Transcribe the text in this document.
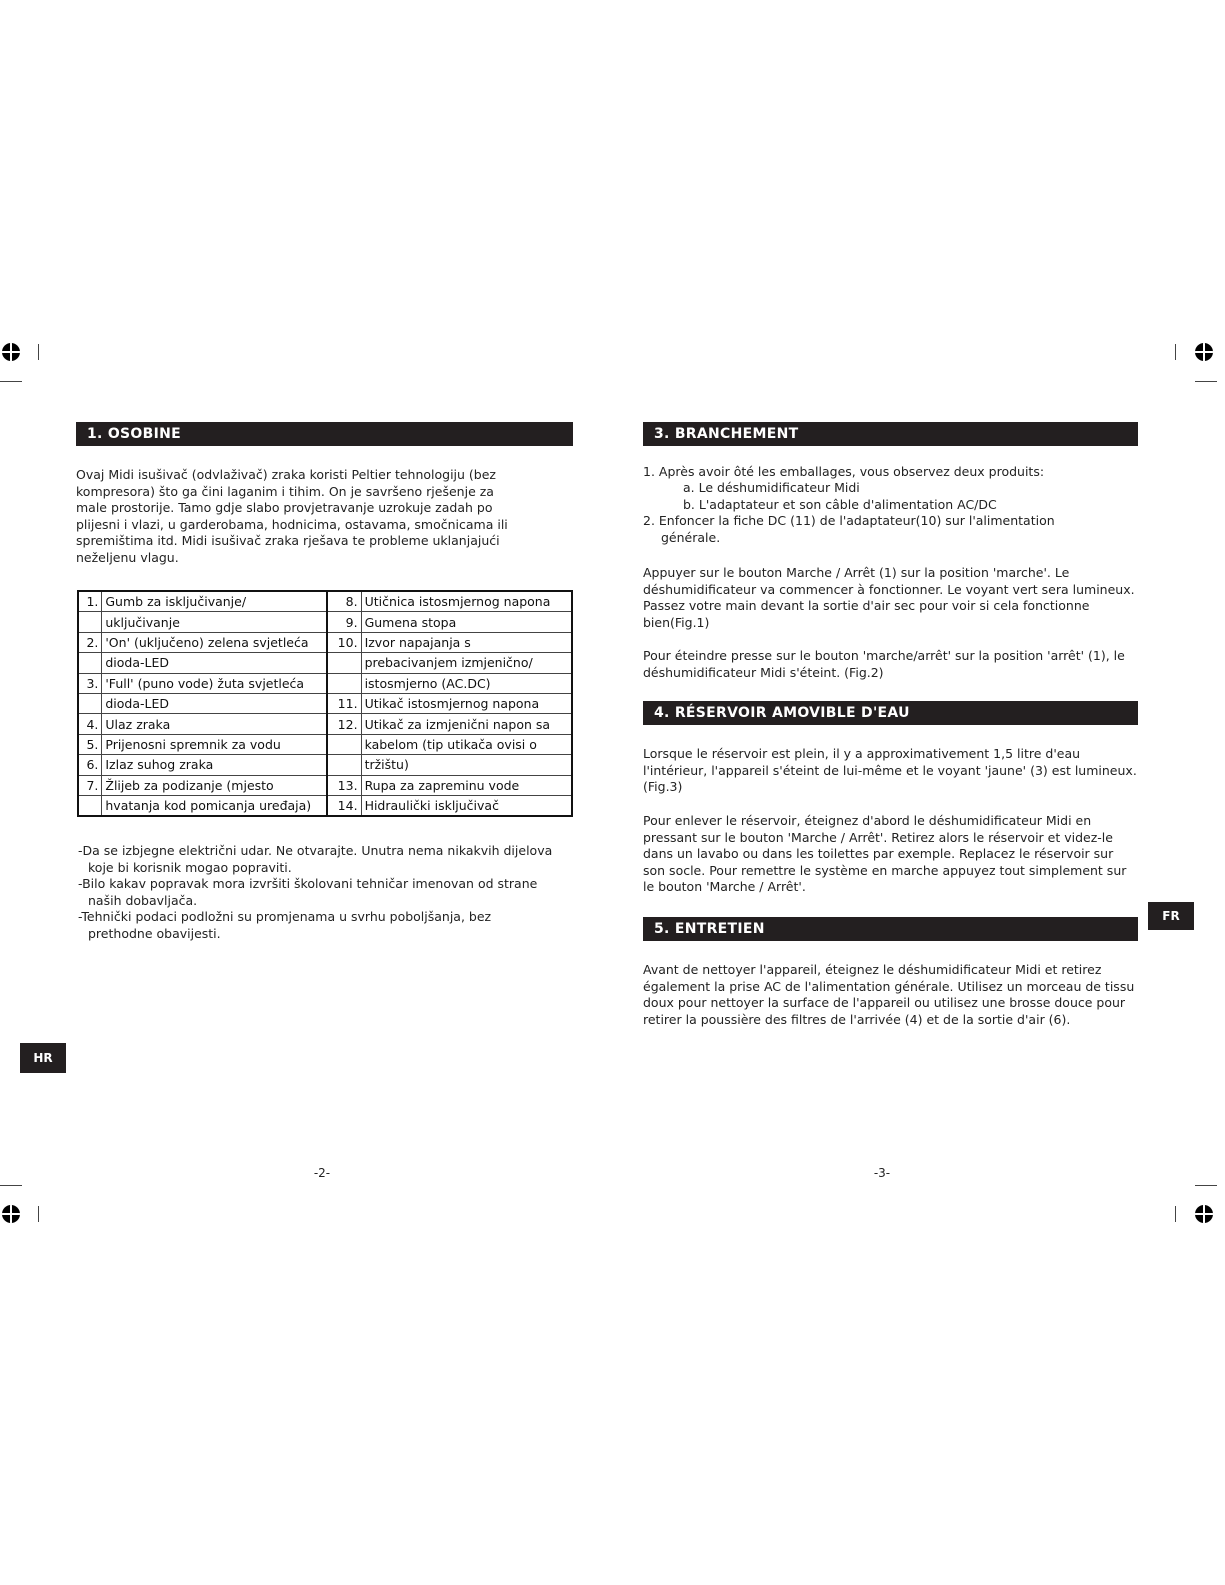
1. OSOBINE
Ovaj Midi isušivač (odvlaživač) zraka koristi Peltier tehnologiju (bez
kompresora) što ga čini laganim i tihim. On je savršeno rješenje za
male prostorije. Tamo gdje slabo provjetravanje uzrokuje zadah po
plijesni i vlazi, u garderobama, hodnicima, ostavama, smočnicama ili
spremištima itd. Midi isušivač zraka rješava te probleme uklanjajući
neželjenu vlagu.
1.	Gumb za isključivanje/	8.	Utičnica istosmjernog napona
	uključivanje	9.	Gumena stopa
2.	'On' (uključeno) zelena svjetleća	10.	Izvor napajanja s
	dioda-LED		prebacivanjem izmjenično/
3.	'Full' (puno vode) žuta svjetleća		istosmjerno (AC.DC)
	dioda-LED	11.	Utikač istosmjernog napona
4.	Ulaz zraka	12.	Utikač za izmjenični napon sa
5.	Prijenosni spremnik za vodu		kabelom (tip utikača ovisi o
6.	Izlaz suhog zraka		tržištu)
7.	Žlijeb za podizanje (mjesto	13.	Rupa za zapreminu vode
	hvatanja kod pomicanja uređaja)	14.	Hidraulički isključivač
-Da se izbjegne električni udar. Ne otvarajte. Unutra nema nikakvih dijelova koje bi korisnik mogao popraviti.
-Bilo kakav popravak mora izvršiti školovani tehničar imenovan od strane naših dobavljača.
-Tehnički podaci podložni su promjenama u svrhu poboljšanja, bez prethodne obavijesti.
HR
-2-
3. BRANCHEMENT
1. Après avoir ôté les emballages, vous observez deux produits:
a. Le déshumidificateur Midi
b. L'adaptateur et son câble d'alimentation AC/DC
2. Enfoncer la fiche DC (11) de l'adaptateur(10) sur l'alimentation
générale.

Appuyer sur le bouton Marche / Arrêt (1) sur la position 'marche'. Le déshumidificateur va commencer à fonctionner. Le voyant vert sera lumineux. Passez votre main devant la sortie d'air sec pour voir si cela fonctionne bien(Fig.1)

Pour éteindre presse sur le bouton 'marche/arrêt' sur la position 'arrêt' (1), le déshumidificateur Midi s'éteint. (Fig.2)

4. RÉSERVOIR AMOVIBLE D'EAU

Lorsque le réservoir est plein, il y a approximativement 1,5 litre d'eau l'intérieur, l'appareil s'éteint de lui-même et le voyant 'jaune' (3) est lumineux. (Fig.3)

Pour enlever le réservoir, éteignez d'abord le déshumidificateur Midi en pressant sur le bouton 'Marche / Arrêt'. Retirez alors le réservoir et videz-le dans un lavabo ou dans les toilettes par exemple. Replacez le réservoir sur son socle. Pour remettre le système en marche appuyez tout simplement sur le bouton 'Marche / Arrêt'.

5. ENTRETIEN

Avant de nettoyer l'appareil, éteignez le déshumidificateur Midi et retirez également la prise AC de l'alimentation générale. Utilisez un morceau de tissu doux pour nettoyer la surface de l'appareil ou utilisez une brosse douce pour retirer la poussière des filtres de l'arrivée (4) et de la sortie d'air (6).

FR
-3-
